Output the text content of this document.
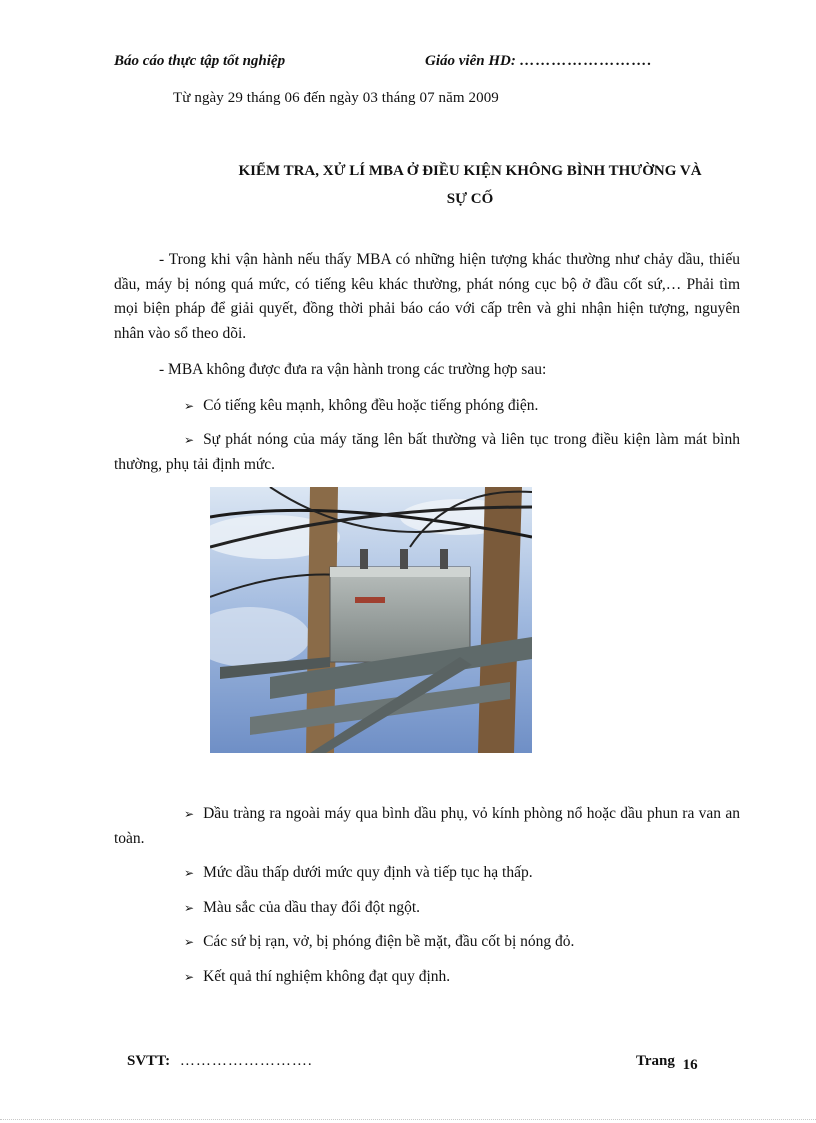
Báo cáo thực tập tốt nghiệp	Giáo viên HD: …………………….
Từ ngày 29 tháng 06 đến ngày 03 tháng 07 năm 2009
KIỂM TRA, XỬ LÍ MBA Ở ĐIỀU KIỆN KHÔNG BÌNH THƯỜNG VÀ
SỰ CỐ

- Trong khi vận hành nếu thấy MBA có những hiện tượng khác thường như chảy dầu, thiếu dầu, máy bị nóng quá mức, có tiếng kêu khác thường, phát nóng cục bộ ở đầu cốt sứ,… Phải tìm mọi biện pháp để giải quyết, đồng thời phải báo cáo với cấp trên và ghi nhận hiện tượng, nguyên nhân vào sổ theo dõi.

- MBA không được đưa ra vận hành trong các trường hợp sau:

➢ Có tiếng kêu mạnh, không đều hoặc tiếng phóng điện.

➢ Sự phát nóng của máy tăng lên bất thường và liên tục trong điều kiện làm mát bình thường, phụ tải định mức.

➢ Dầu tràng ra ngoài máy qua bình dầu phụ, vỏ kính phòng nổ hoặc dầu phun ra van an toàn.

➢ Mức dầu thấp dưới mức quy định và tiếp tục hạ thấp.

➢ Màu sắc của dầu thay đổi đột ngột.

➢ Các sứ bị rạn, vở, bị phóng điện bề mặt, đầu cốt bị nóng đỏ.

➢ Kết quả thí nghiệm không đạt quy định.

SVTT: …………………….	Trang 16
